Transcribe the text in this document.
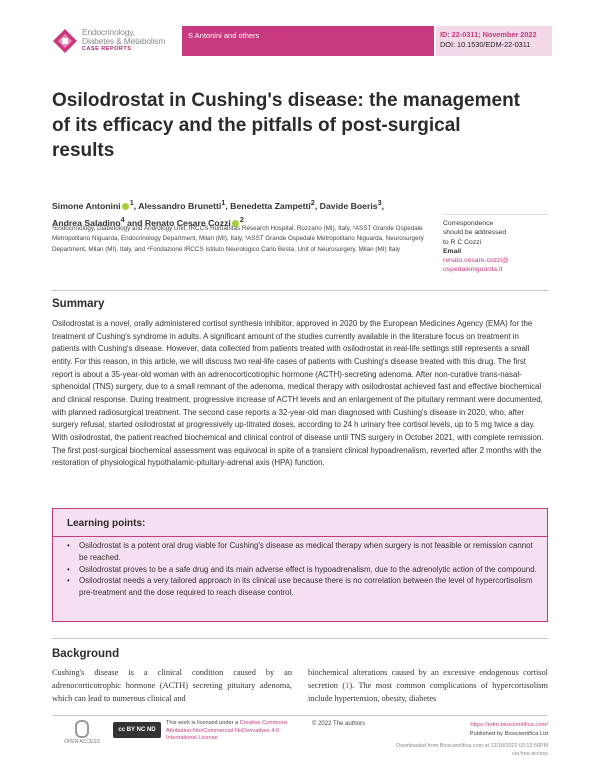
Endocrinology,
Diabetes & Metabolism
CASE REPORTS
S Antonini and others	ID: 22-0311; November 2022
DOI: 10.1530/EDM-22-0311
Osilodrostat in Cushing's disease: the management of its efficacy and the pitfalls of post-surgical results
Simone Antonini $^1$, Alessandro Brunetti$^1$, Benedetta Zampetti$^2$, Davide Boeris$^3$,
Andrea Saladino$^4$ and Renato Cesare Cozzi $^2$
¹Endocrinology, Diabetology and Andrology Unit, IRCCS Humanitas Research Hospital, Rozzano (MI), Italy, ²ASST Grande Ospedale Metropolitano Niguarda, Endocrinology Department, Milan (MI), Italy, ³ASST Grande Ospedale Metropolitano Niguarda, Neurosurgery Department, Milan (MI), Italy, and ⁴Fondazione IRCCS Istituto Neurologico Carlo Besta, Unit of Neurosurgery, Milan (MI) Italy
Correspondence
should be addressed
to R C Cozzi
Email
renato.cesare.cozzi@
ospedaleniguarda.it
Summary

Osilodrostat is a novel, orally administered cortisol synthesis inhibitor, approved in 2020 by the European Medicines Agency (EMA) for the treatment of Cushing's syndrome in adults. A significant amount of the studies currently available in the literature focus on treatment in patients with Cushing's disease. However, data collected from patients treated with osilodrostat in real-life settings still represents a small entity. For this reason, in this article, we will discuss two real-life cases of patients with Cushing's disease treated with this drug. The first report is about a 35-year-old woman with an adrenocorticotrophic hormone (ACTH)-secreting adenoma. After non-curative trans-nasal-sphenoidal (TNS) surgery, due to a small remnant of the adenoma, medical therapy with osilodrostat achieved fast and effective biochemical and clinical response. During treatment, progressive increase of ACTH levels and an enlargement of the pituitary remnant were documented, with planned radiosurgical treatment. The second case reports a 32-year-old man diagnosed with Cushing's disease in 2020, who, after surgery refusal, started osilodrostat at progressively up-titrated doses, according to 24 h urinary free cortisol levels, up to 5 mg twice a day. With osilodrostat, the patient reached biochemical and clinical control of disease until TNS surgery in October 2021, with complete remission. The first post-surgical biochemical assessment was equivocal in spite of a transient clinical hypoadrenalism, reverted after 2 months with the restoration of physiological hypothalamic-pituitary-adrenal axis (HPA) function.

Learning points:
• Osilodrostat is a potent oral drug viable for Cushing's disease as medical therapy when surgery is not feasible or remission cannot be reached.
• Osilodrostat proves to be a safe drug and its main adverse effect is hypoadrenalism, due to the adrenolytic action of the compound.
• Osilodrostat needs a very tailored approach in its clinical use because there is no correlation between the level of hypercortisolism pre-treatment and the dose required to reach disease control.
Background

Cushing's disease is a clinical condition caused by an adrenocorticotrophic hormone (ACTH) secreting pituitary adenoma, which can lead to numerous clinical and

biochemical alterations caused by an excessive endogenous cortisol secretion (1). The most common complications of hypercortisolism include hypertension, obesity, diabetes

OPEN ACCESS
cc BY NC ND
This work is licensed under a Creative Commons Attribution-NonCommercial-NoDerivatives 4.0 International License.
© 2022 The authors	https://edm.bioscientifica.com/
Published by Bioscientifica Ltd
Downloaded from Bioscientifica.com at 12/18/2022 02:12:56PM
via free access
